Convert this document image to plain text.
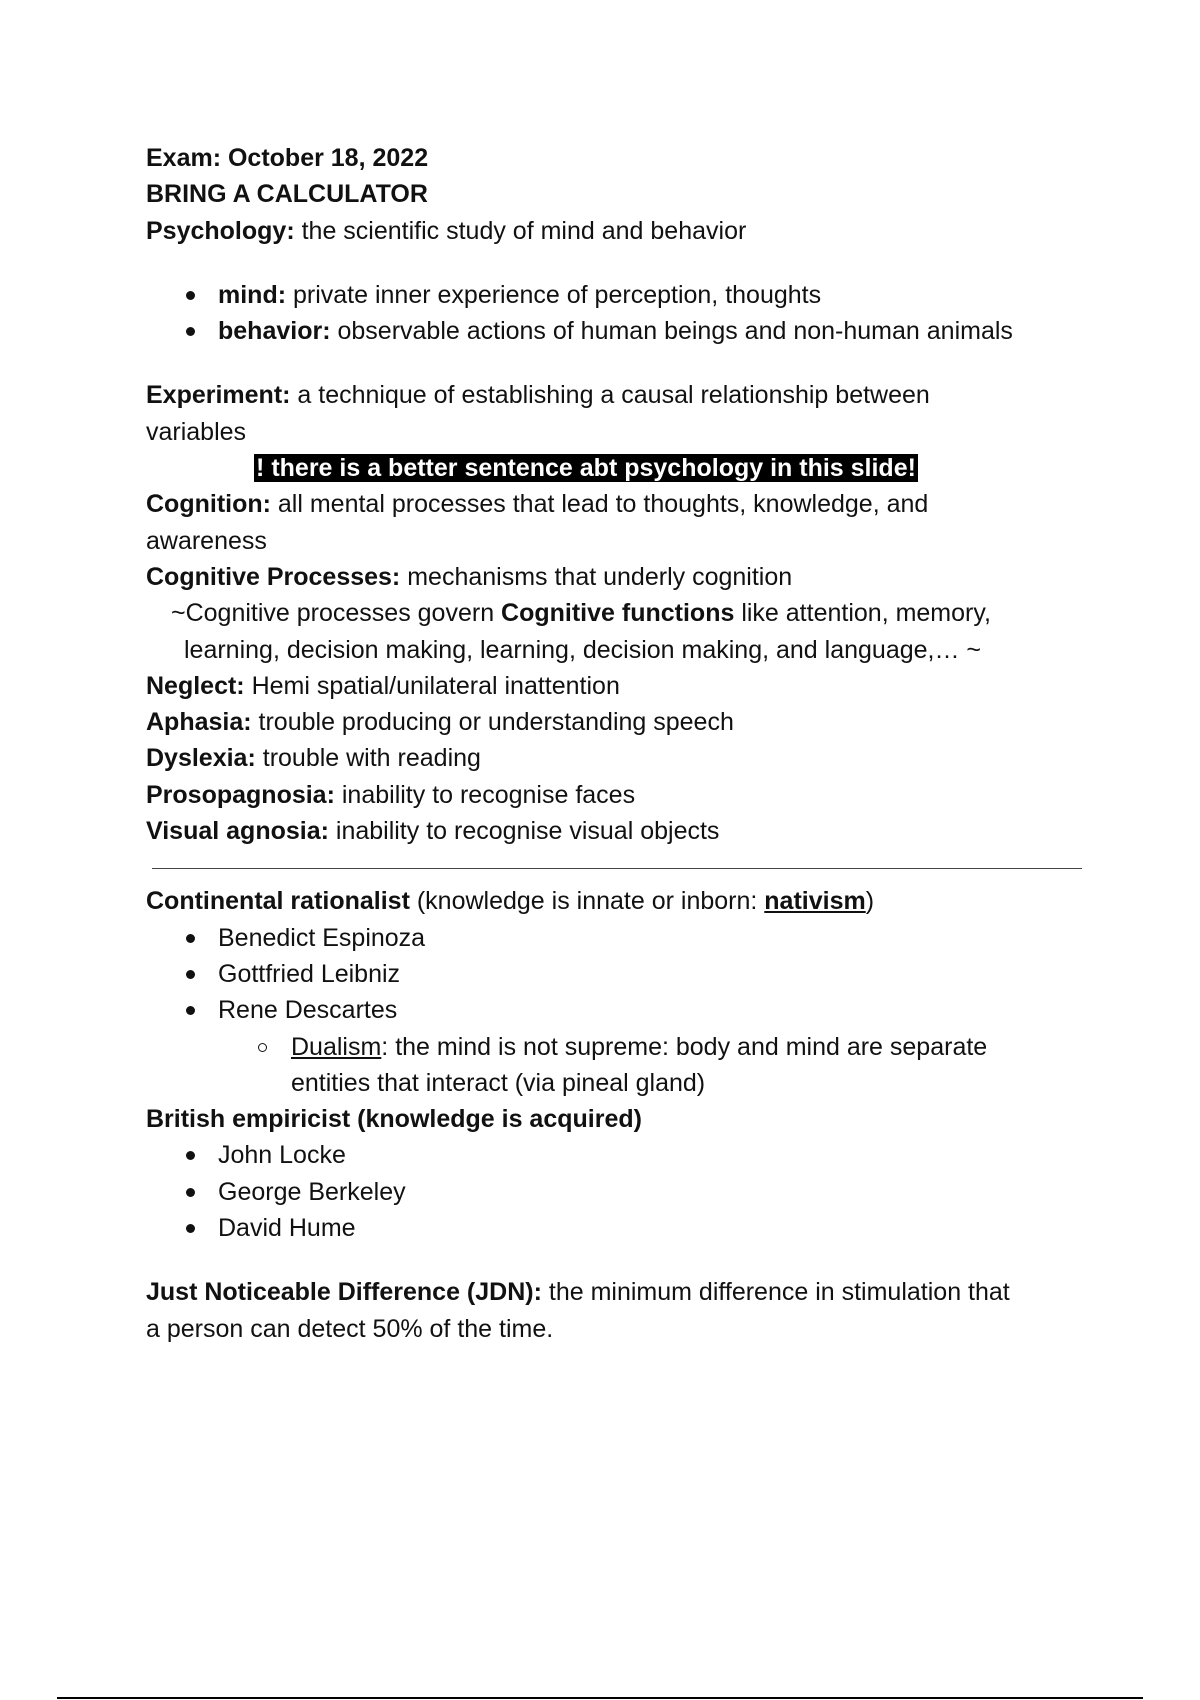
Exam: October 18, 2022
BRING A CALCULATOR
Psychology: the scientific study of mind and behavior
mind: private inner experience of perception, thoughts
behavior: observable actions of human beings and non-human animals
Experiment: a technique of establishing a causal relationship between
variables
! there is a better sentence abt psychology in this slide!
Cognition: all mental processes that lead to thoughts, knowledge, and
awareness
Cognitive Processes: mechanisms that underly cognition
~Cognitive processes govern Cognitive functions like attention, memory,
learning, decision making, learning, decision making, and language,… ~
Neglect: Hemi spatial/unilateral inattention
Aphasia: trouble producing or understanding speech
Dyslexia: trouble with reading
Prosopagnosia: inability to recognise faces
Visual agnosia: inability to recognise visual objects
Continental rationalist (knowledge is innate or inborn: nativism)
Benedict Espinoza
Gottfried Leibniz
Rene Descartes
Dualism: the mind is not supreme: body and mind are separate
entities that interact (via pineal gland)
British empiricist (knowledge is acquired)
John Locke
George Berkeley
David Hume
Just Noticeable Difference (JDN): the minimum difference in stimulation that
a person can detect 50% of the time.
